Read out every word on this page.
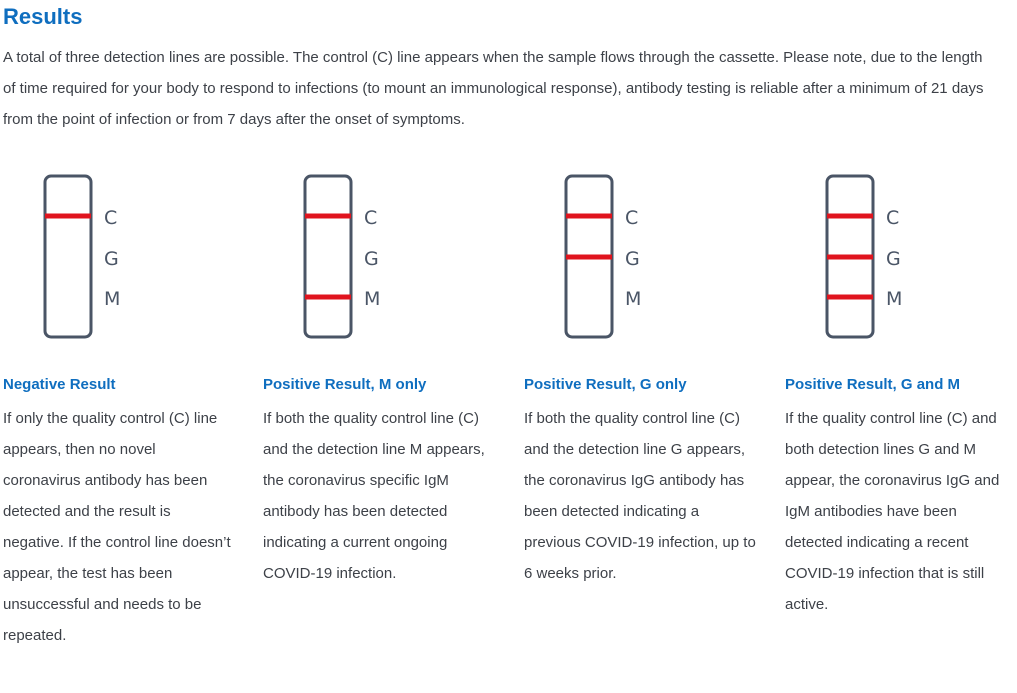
Results

A total of three detection lines are possible. The control (C) line appears when the sample flows through the cassette. Please note, due to the length of time required for your body to respond to infections (to mount an immunological response), antibody testing is reliable after a minimum of 21 days from the point of infection or from 7 days after the onset of symptoms.

C
G
M
Negative Result

If only the quality control (C) line appears, then no novel coronavirus antibody has been detected and the result is negative. If the control line doesn’t appear, the test has been unsuccessful and needs to be repeated.

C
G
M
Positive Result, M only

If both the quality control line (C) and the detection line M appears, the coronavirus specific IgM antibody has been detected indicating a current ongoing COVID-19 infection.

C
G
M
Positive Result, G only

If both the quality control line (C) and the detection line G appears, the coronavirus IgG antibody has been detected indicating a previous COVID-19 infection, up to 6 weeks prior.

C
G
M
Positive Result, G and M

If the quality control line (C) and both detection lines G and M appear, the coronavirus IgG and IgM antibodies have been detected indicating a recent COVID-19 infection that is still active.
